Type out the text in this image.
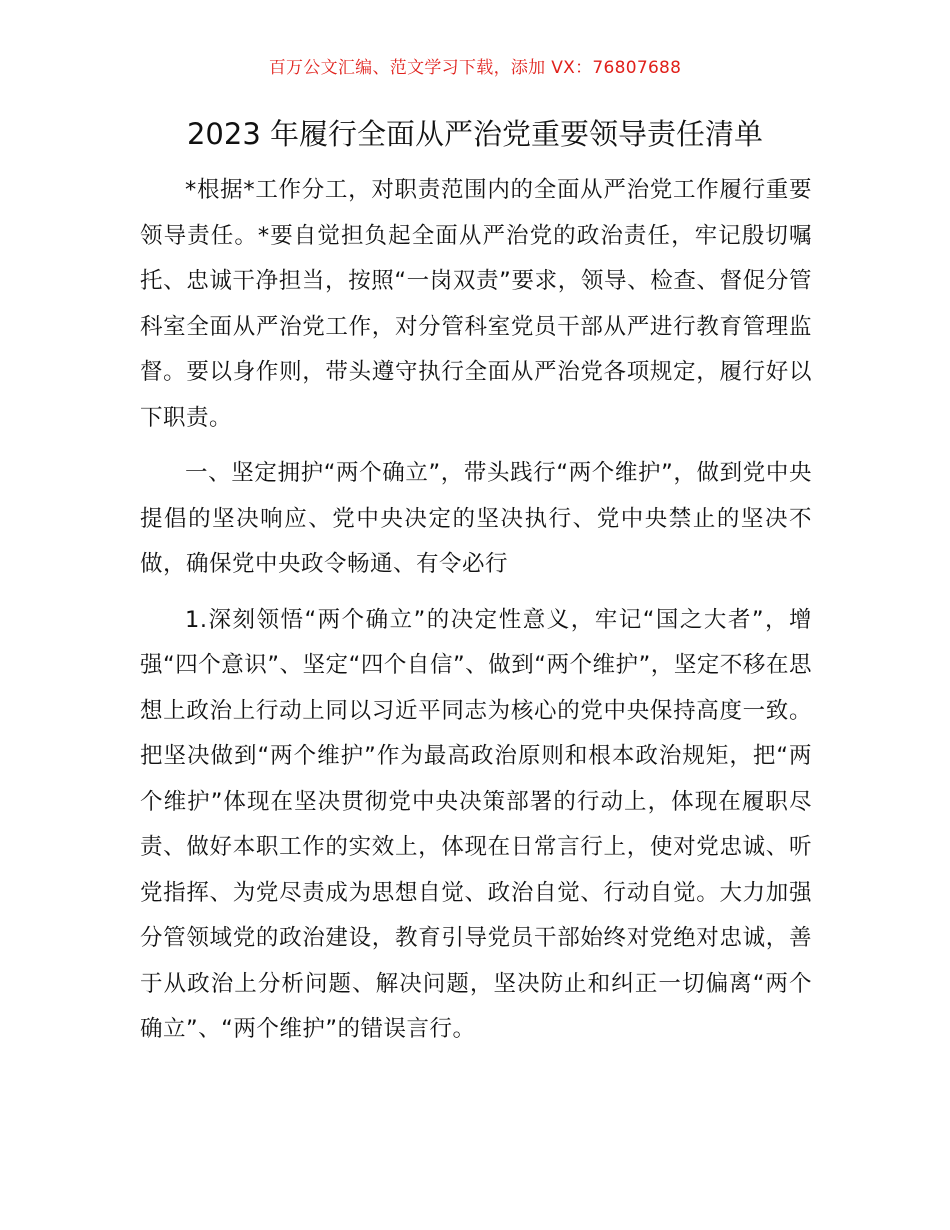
百万公文汇编、范文学习下载，添加 VX：76807688
2023 年履行全面从严治党重要领导责任清单

*根据*工作分工，对职责范围内的全面从严治党工作履行重要领导责任。*要自觉担负起全面从严治党的政治责任，牢记殷切嘱托、忠诚干净担当，按照“一岗双责”要求，领导、检查、督促分管科室全面从严治党工作，对分管科室党员干部从严进行教育管理监督。要以身作则，带头遵守执行全面从严治党各项规定，履行好以下职责。

一、坚定拥护“两个确立”，带头践行“两个维护”，做到党中央提倡的坚决响应、党中央决定的坚决执行、党中央禁止的坚决不做，确保党中央政令畅通、有令必行

1.深刻领悟“两个确立”的决定性意义，牢记“国之大者”，增强“四个意识”、坚定“四个自信”、做到“两个维护”，坚定不移在思想上政治上行动上同以习近平同志为核心的党中央保持高度一致。把坚决做到“两个维护”作为最高政治原则和根本政治规矩，把“两个维护”体现在坚决贯彻党中央决策部署的行动上，体现在履职尽责、做好本职工作的实效上，体现在日常言行上，使对党忠诚、听党指挥、为党尽责成为思想自觉、政治自觉、行动自觉。大力加强分管领域党的政治建设，教育引导党员干部始终对党绝对忠诚，善于从政治上分析问题、解决问题，坚决防止和纠正一切偏离“两个确立”、“两个维护”的错误言行。
